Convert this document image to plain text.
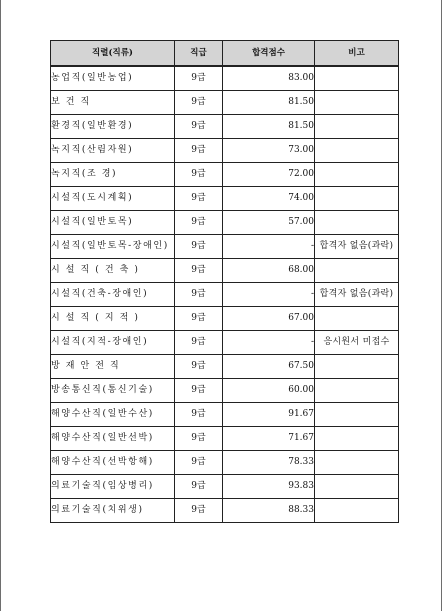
직렬(직류)	직급	합격점수	비고
농업직(일반농업)	9급	83.00	
보 건 직	9급	81.50	
환경직(일반환경)	9급	81.50	
녹지직(산림자원)	9급	73.00	
녹지직(조 경)	9급	72.00	
시설직(도시계획)	9급	74.00	
시설직(일반토목)	9급	57.00	
시설직(일반토목-장애인)	9급	-	합격자 없음(과락)
시 설 직 ( 건 축 )	9급	68.00	
시설직(건축-장애인)	9급	-	합격자 없음(과락)
시 설 직 ( 지 적 )	9급	67.00	
시설직(지적-장애인)	9급	-	응시원서 미접수
방 재 안 전 직	9급	67.50	
방송통신직(통신기술)	9급	60.00	
해양수산직(일반수산)	9급	91.67	
해양수산직(일반선박)	9급	71.67	
해양수산직(선박항해)	9급	78.33	
의료기술직(임상병리)	9급	93.83	
의료기술직(치위생)	9급	88.33	
